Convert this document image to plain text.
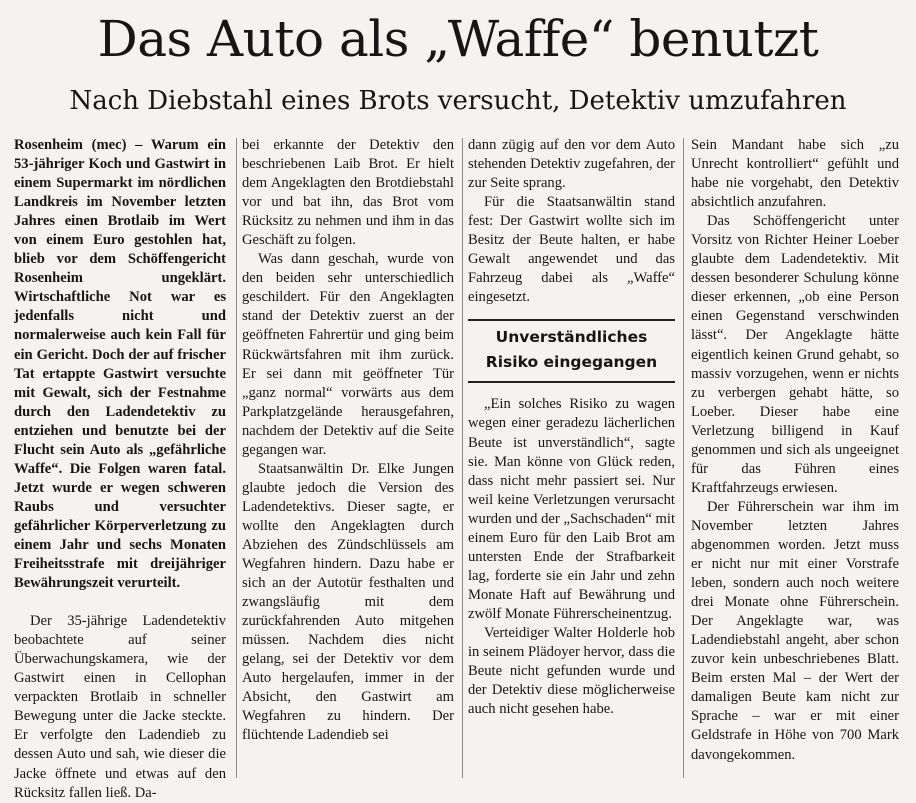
Das Auto als „Waffe“ benutzt
Nach Diebstahl eines Brots versucht, Detektiv umzufahren

Rosenheim (mec) – Warum ein 53-jähriger Koch und Gastwirt in einem Supermarkt im nördlichen Landkreis im November letzten Jahres einen Brotlaib im Wert von einem Euro gestohlen hat, blieb vor dem Schöffengericht Rosenheim ungeklärt. Wirtschaftliche Not war es jedenfalls nicht und normalerweise auch kein Fall für ein Gericht. Doch der auf frischer Tat ertappte Gastwirt versuchte mit Gewalt, sich der Festnahme durch den Ladendetektiv zu entziehen und benutzte bei der Flucht sein Auto als „gefährliche Waffe“. Die Folgen waren fatal. Jetzt wurde er wegen schweren Raubs und versuchter gefährlicher Körperverletzung zu einem Jahr und sechs Monaten Freiheitsstrafe mit dreijähriger Bewährungszeit verurteilt.

Der 35-jährige Ladendetektiv beobachtete auf seiner Überwachungskamera, wie der Gastwirt einen in Cellophan verpackten Brotlaib in schneller Bewegung unter die Jacke steckte. Er verfolgte den Ladendieb zu dessen Auto und sah, wie dieser die Jacke öffnete und etwas auf den Rücksitz fallen ließ. Da-

bei erkannte der Detektiv den beschriebenen Laib Brot. Er hielt dem Angeklagten den Brotdiebstahl vor und bat ihn, das Brot vom Rücksitz zu nehmen und ihm in das Geschäft zu folgen.

Was dann geschah, wurde von den beiden sehr unterschiedlich geschildert. Für den Angeklagten stand der Detektiv zuerst an der geöffneten Fahrertür und ging beim Rückwärtsfahren mit ihm zurück. Er sei dann mit geöffneter Tür „ganz normal“ vorwärts aus dem Parkplatzgelände herausgefahren, nachdem der Detektiv auf die Seite gegangen war.

Staatsanwältin Dr. Elke Jungen glaubte jedoch die Version des Ladendetektivs. Dieser sagte, er wollte den Angeklagten durch Abziehen des Zündschlüssels am Wegfahren hindern. Dazu habe er sich an der Autotür festhalten und zwangsläufig mit dem zurückfahrenden Auto mitgehen müssen. Nachdem dies nicht gelang, sei der Detektiv vor dem Auto hergelaufen, immer in der Absicht, den Gastwirt am Wegfahren zu hindern. Der flüchtende Ladendieb sei

dann zügig auf den vor dem Auto stehenden Detektiv zugefahren, der zur Seite sprang.

Für die Staatsanwältin stand fest: Der Gastwirt wollte sich im Besitz der Beute halten, er habe Gewalt angewendet und das Fahrzeug dabei als „Waffe“ eingesetzt.

Unverständliches
Risiko eingegangen

„Ein solches Risiko zu wagen wegen einer geradezu lächerlichen Beute ist unverständlich“, sagte sie. Man könne von Glück reden, dass nicht mehr passiert sei. Nur weil keine Verletzungen verursacht wurden und der „Sachschaden“ mit einem Euro für den Laib Brot am untersten Ende der Strafbarkeit lag, forderte sie ein Jahr und zehn Monate Haft auf Bewährung und zwölf Monate Führerscheinentzug.

Verteidiger Walter Holderle hob in seinem Plädoyer hervor, dass die Beute nicht gefunden wurde und der Detektiv diese möglicherweise auch nicht gesehen habe.

Sein Mandant habe sich „zu Unrecht kontrolliert“ gefühlt und habe nie vorgehabt, den Detektiv absichtlich anzufahren.

Das Schöffengericht unter Vorsitz von Richter Heiner Loeber glaubte dem Ladendetektiv. Mit dessen besonderer Schulung könne dieser erkennen, „ob eine Person einen Gegenstand verschwinden lässt“. Der Angeklagte hätte eigentlich keinen Grund gehabt, so massiv vorzugehen, wenn er nichts zu verbergen gehabt hätte, so Loeber. Dieser habe eine Verletzung billigend in Kauf genommen und sich als ungeeignet für das Führen eines Kraftfahrzeugs erwiesen.

Der Führerschein war ihm im November letzten Jahres abgenommen worden. Jetzt muss er nicht nur mit einer Vorstrafe leben, sondern auch noch weitere drei Monate ohne Führerschein. Der Angeklagte war, was Ladendiebstahl angeht, aber schon zuvor kein unbeschriebenes Blatt. Beim ersten Mal – der Wert der damaligen Beute kam nicht zur Sprache – war er mit einer Geldstrafe in Höhe von 700 Mark davongekommen.
